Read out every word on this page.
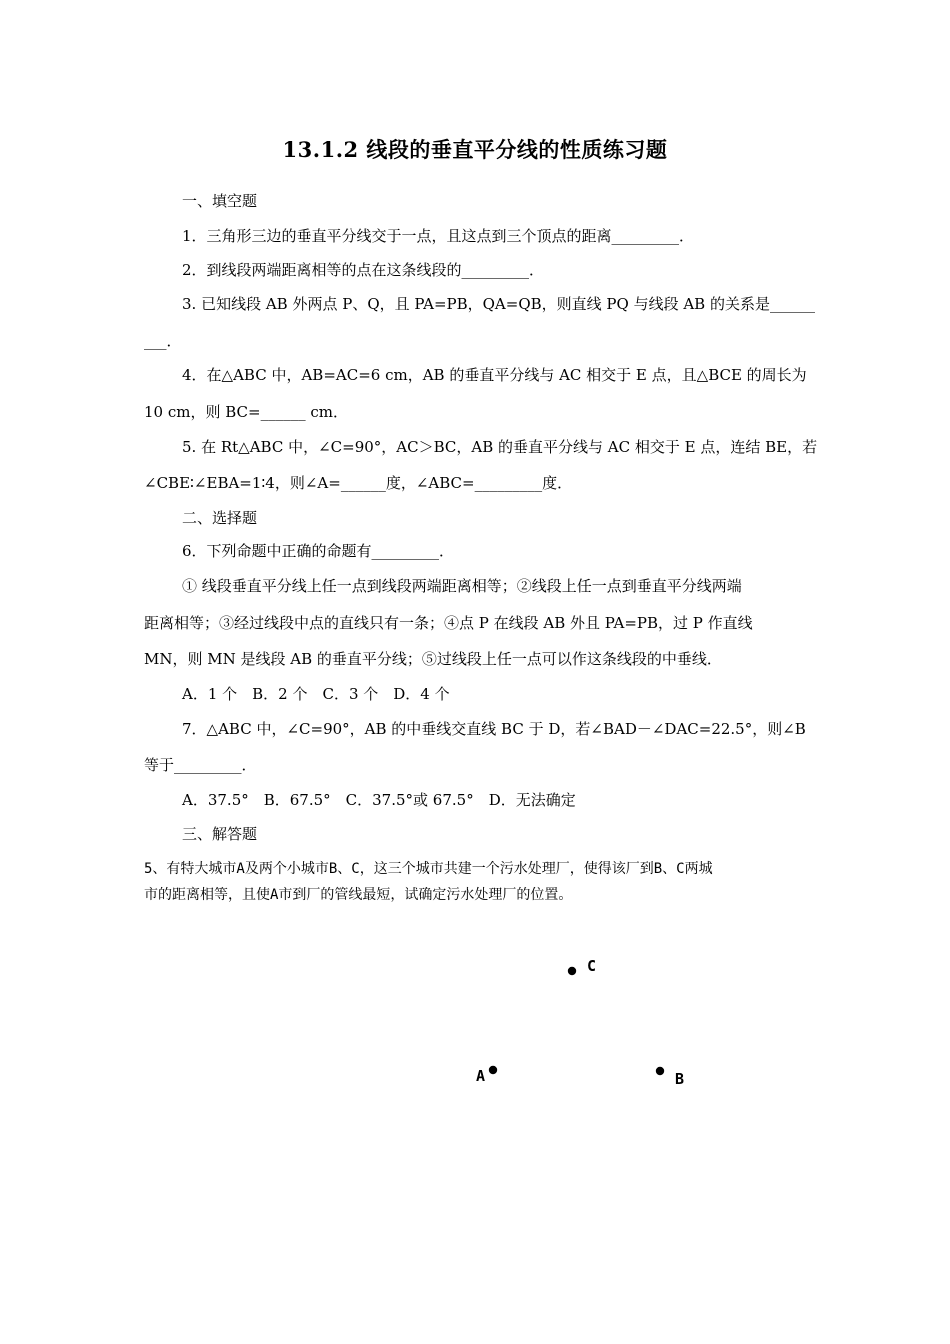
13.1.2 线段的垂直平分线的性质练习题
一、填空题
1．三角形三边的垂直平分线交于一点，且这点到三个顶点的距离_________．
2．到线段两端距离相等的点在这条线段的_________．
3. 已知线段 AB 外两点 P、Q，且 PA=PB，QA=QB，则直线 PQ 与线段 AB 的关系是______
___．
4．在△ABC 中，AB=AC=6 cm，AB 的垂直平分线与 AC 相交于 E 点，且△BCE 的周长为
10 cm，则 BC=______ cm．
5. 在 Rt△ABC 中，∠C=90°，AC＞BC，AB 的垂直平分线与 AC 相交于 E 点，连结 BE，若
∠CBE∶∠EBA=1∶4，则∠A=______度，∠ABC=_________度．
二、选择题
6．下列命题中正确的命题有_________．
① 线段垂直平分线上任一点到线段两端距离相等；②线段上任一点到垂直平分线两端
距离相等；③经过线段中点的直线只有一条；④点 P 在线段 AB 外且 PA=PB，过 P 作直线
MN，则 MN 是线段 AB 的垂直平分线；⑤过线段上任一点可以作这条线段的中垂线．
A．1 个　B．2 个　C．3 个　D．4 个
7．△ABC 中，∠C=90°，AB 的中垂线交直线 BC 于 D，若∠BAD－∠DAC=22.5°，则∠B
等于_________．
A．37.5°　B．67.5°　C．37.5°或 67.5°　D．无法确定
三、解答题
5、有特大城市A及两个小城市B、C，这三个城市共建一个污水处理厂，使得该厂到B、C两城
市的距离相等，且使A市到厂的管线最短，试确定污水处理厂的位置。
C
A	B
